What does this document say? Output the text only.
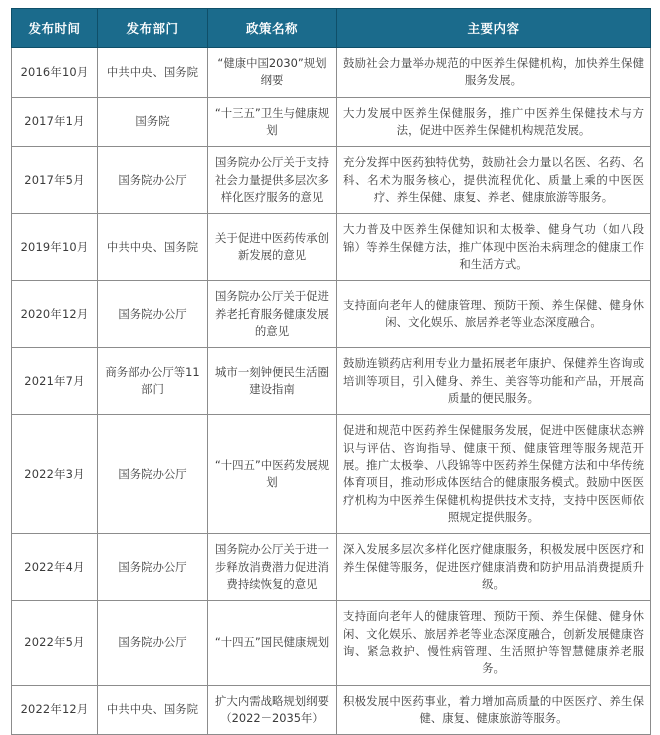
发布时间	发布部门	政策名称	主要内容
2016年10月	中共中央、国务院	“健康中国2030”规划纲要	鼓励社会力量举办规范的中医养生保健机构，加快养生保健服务发展。
2017年1月	国务院	“十三五”卫生与健康规划	大力发展中医养生保健服务，推广中医养生保健技术与方法，促进中医养生保健机构规范发展。
2017年5月	国务院办公厅	国务院办公厅关于支持社会力量提供多层次多样化医疗服务的意见	充分发挥中医药独特优势，鼓励社会力量以名医、名药、名科、名术为服务核心，提供流程优化、质量上乘的中医医疗、养生保健、康复、养老、健康旅游等服务。
2019年10月	中共中央、国务院	关于促进中医药传承创新发展的意见	大力普及中医养生保健知识和太极拳、健身气功（如八段锦）等养生保健方法，推广体现中医治未病理念的健康工作和生活方式。
2020年12月	国务院办公厅	国务院办公厅关于促进养老托育服务健康发展的意见	支持面向老年人的健康管理、预防干预、养生保健、健身休闲、文化娱乐、旅居养老等业态深度融合。
2021年7月	商务部办公厅等11部门	城市一刻钟便民生活圈建设指南	鼓励连锁药店利用专业力量拓展老年康护、保健养生咨询或培训等项目，引入健身、养生、美容等功能和产品，开展高质量的便民服务。
2022年3月	国务院办公厅	“十四五”中医药发展规划	促进和规范中医药养生保健服务发展，促进中医健康状态辨识与评估、咨询指导、健康干预、健康管理等服务规范开展。推广太极拳、八段锦等中医药养生保健方法和中华传统体育项目，推动形成体医结合的健康服务模式。鼓励中医医疗机构为中医养生保健机构提供技术支持，支持中医医师依照规定提供服务。
2022年4月	国务院办公厅	国务院办公厅关于进一步释放消费潜力促进消费持续恢复的意见	深入发展多层次多样化医疗健康服务，积极发展中医医疗和养生保健等服务，促进医疗健康消费和防护用品消费提质升级。
2022年5月	国务院办公厅	“十四五”国民健康规划	支持面向老年人的健康管理、预防干预、养生保健、健身休闲、文化娱乐、旅居养老等业态深度融合，创新发展健康咨询、紧急救护、慢性病管理、生活照护等智慧健康养老服务。
2022年12月	中共中央、国务院	扩大内需战略规划纲要（2022－2035年）	积极发展中医药事业，着力增加高质量的中医医疗、养生保健、康复、健康旅游等服务。
